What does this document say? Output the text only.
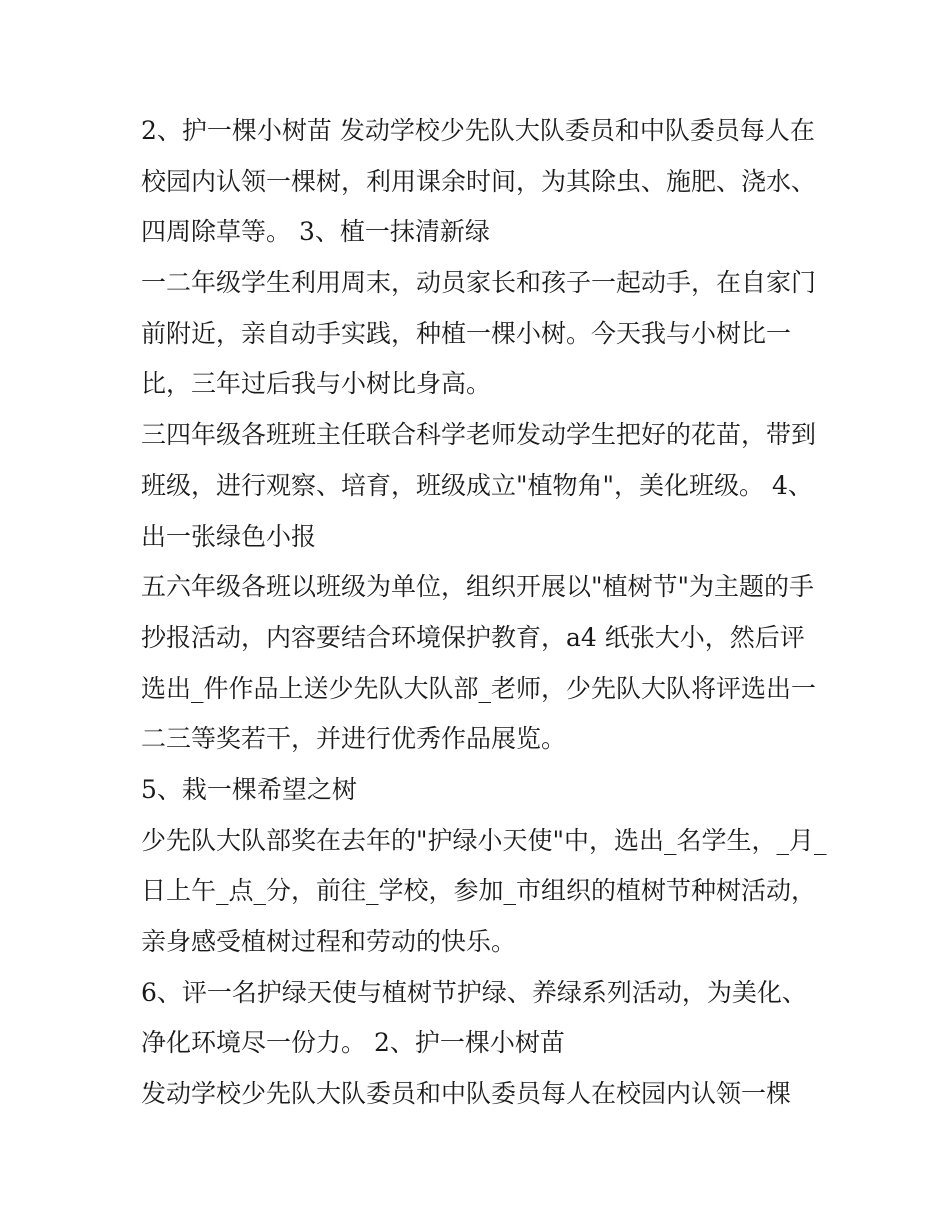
2、护一棵小树苗 发动学校少先队大队委员和中队委员每人在
校园内认领一棵树，利用课余时间，为其除虫、施肥、浇水、
四周除草等。 3、植一抹清新绿
一二年级学生利用周末，动员家长和孩子一起动手，在自家门
前附近，亲自动手实践，种植一棵小树。今天我与小树比一
比，三年过后我与小树比身高。
三四年级各班班主任联合科学老师发动学生把好的花苗，带到
班级，进行观察、培育，班级成立"植物角"，美化班级。 4、
出一张绿色小报
五六年级各班以班级为单位，组织开展以"植树节"为主题的手
抄报活动，内容要结合环境保护教育，a4 纸张大小，然后评
选出_件作品上送少先队大队部_老师，少先队大队将评选出一
二三等奖若干，并进行优秀作品展览。
5、栽一棵希望之树
少先队大队部奖在去年的"护绿小天使"中，选出_名学生，_月_
日上午_点_分，前往_学校，参加_市组织的植树节种树活动，
亲身感受植树过程和劳动的快乐。
6、评一名护绿天使与植树节护绿、养绿系列活动，为美化、
净化环境尽一份力。 2、护一棵小树苗
发动学校少先队大队委员和中队委员每人在校园内认领一棵
